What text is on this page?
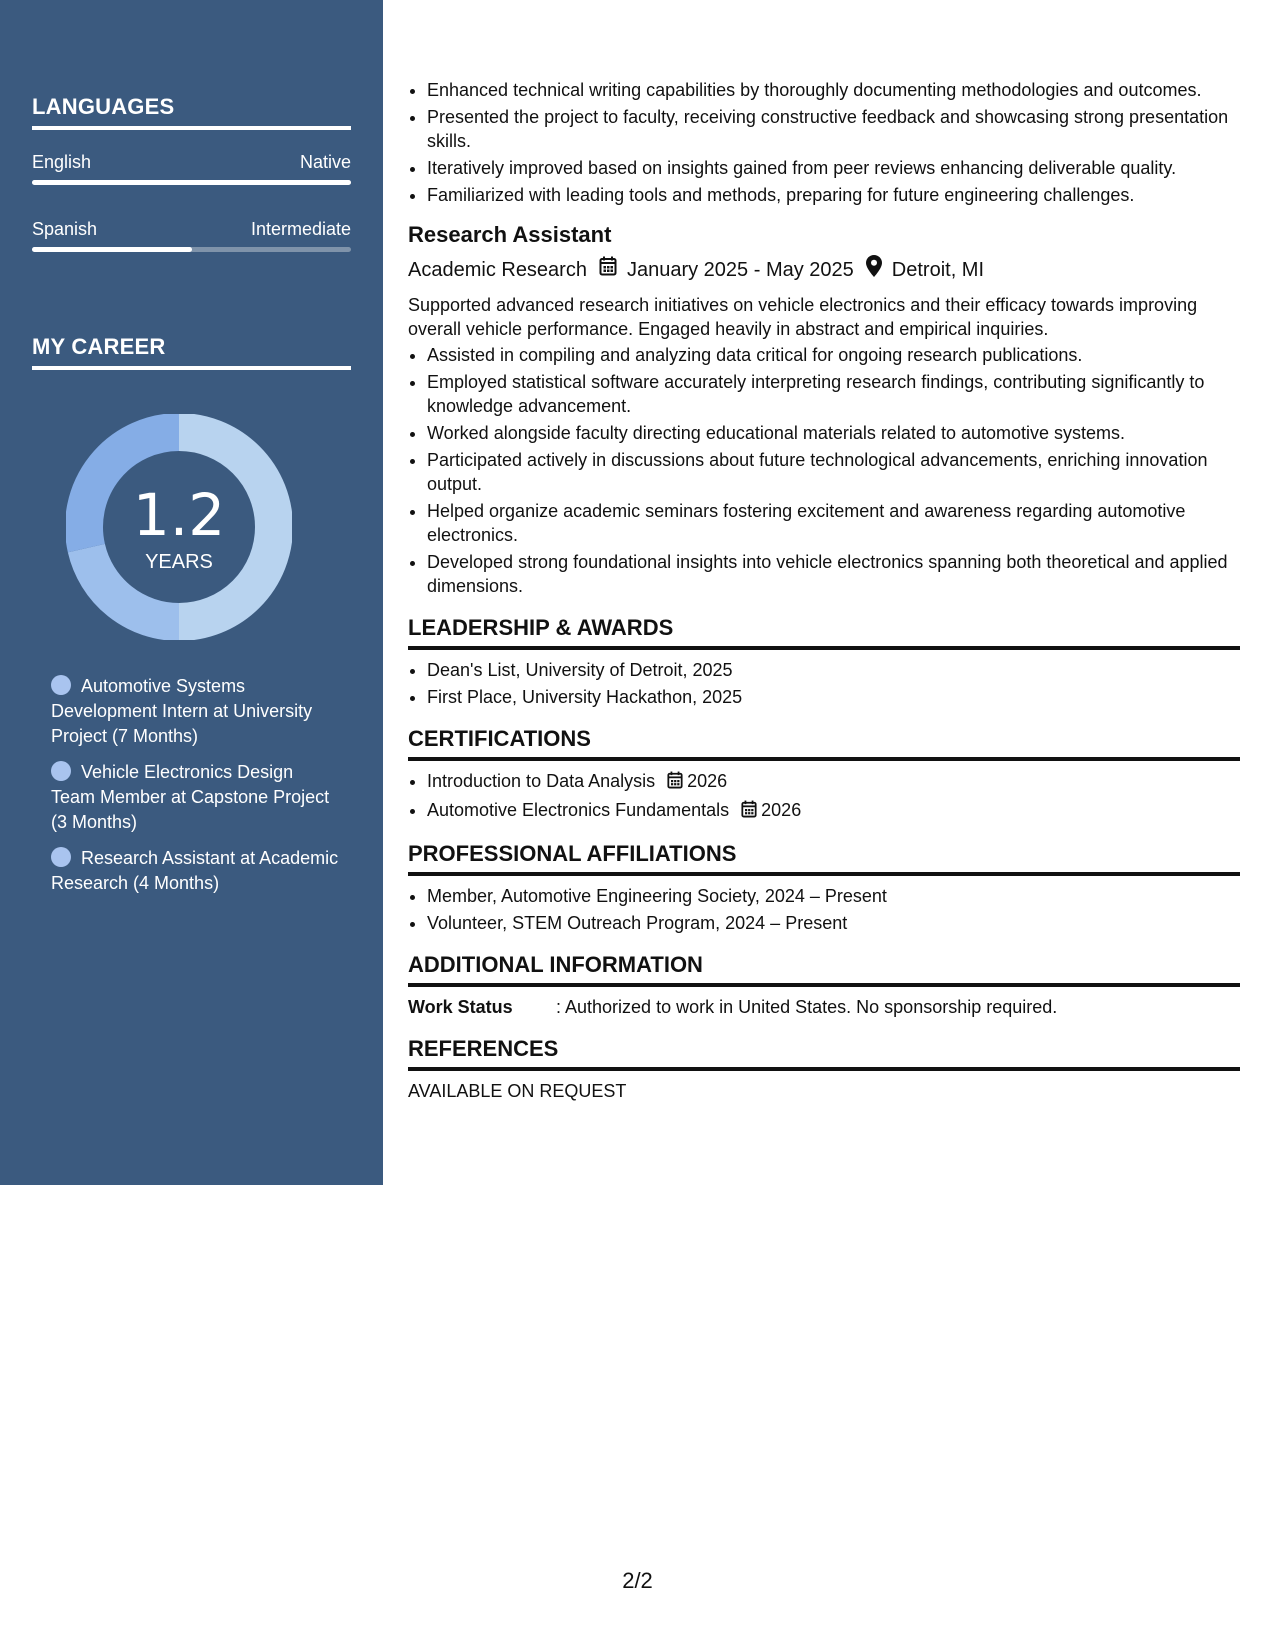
LANGUAGES
English	Native
Spanish	Intermediate
MY CAREER
1.2
YEARS
Automotive Systems Development Intern at University Project (7 Months)
Vehicle Electronics Design Team Member at Capstone Project (3 Months)
Research Assistant at Academic Research (4 Months)
• Enhanced technical writing capabilities by thoroughly documenting methodologies and outcomes.
• Presented the project to faculty, receiving constructive feedback and showcasing strong presentation skills.
• Iteratively improved based on insights gained from peer reviews enhancing deliverable quality.
• Familiarized with leading tools and methods, preparing for future engineering challenges.
Research Assistant
Academic Research January 2025 - May 2025 Detroit, MI
Supported advanced research initiatives on vehicle electronics and their efficacy towards improving overall vehicle performance. Engaged heavily in abstract and empirical inquiries.
• Assisted in compiling and analyzing data critical for ongoing research publications.
• Employed statistical software accurately interpreting research findings, contributing significantly to knowledge advancement.
• Worked alongside faculty directing educational materials related to automotive systems.
• Participated actively in discussions about future technological advancements, enriching innovation output.
• Helped organize academic seminars fostering excitement and awareness regarding automotive electronics.
• Developed strong foundational insights into vehicle electronics spanning both theoretical and applied dimensions.
LEADERSHIP & AWARDS
• Dean's List, University of Detroit, 2025
• First Place, University Hackathon, 2025
CERTIFICATIONS
• Introduction to Data Analysis 2026
• Automotive Electronics Fundamentals 2026
PROFESSIONAL AFFILIATIONS
• Member, Automotive Engineering Society, 2024 – Present
• Volunteer, STEM Outreach Program, 2024 – Present
ADDITIONAL INFORMATION
Work Status	: Authorized to work in United States. No sponsorship required.
REFERENCES
AVAILABLE ON REQUEST
2/2
